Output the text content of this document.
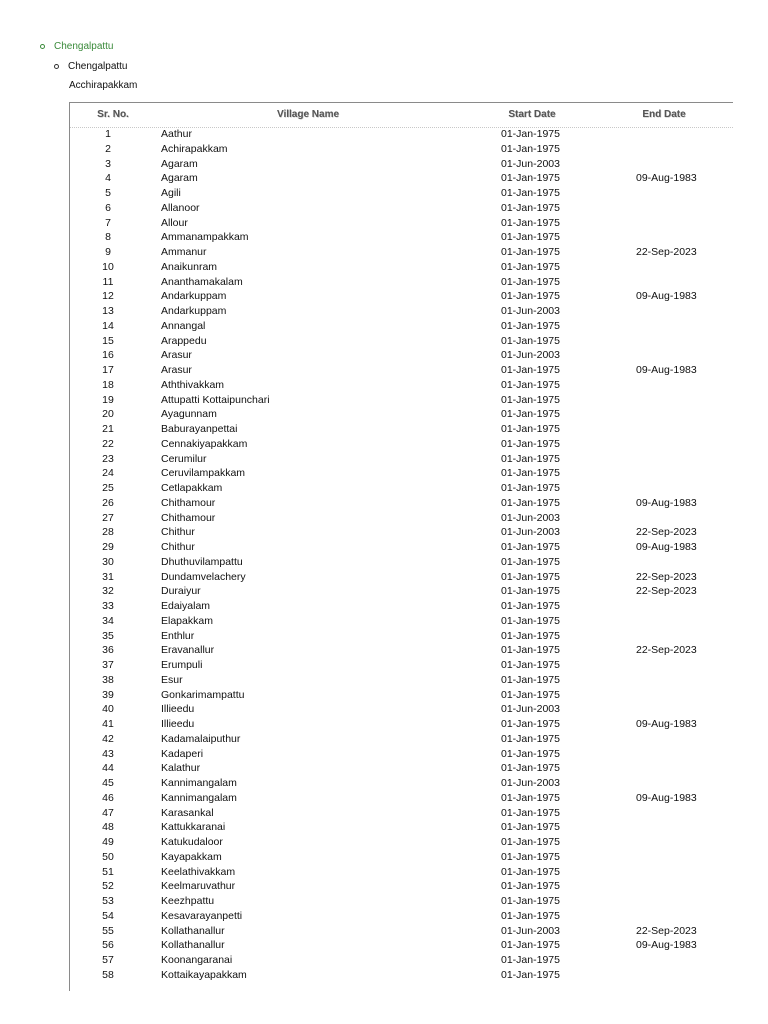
Chengalpattu
Chengalpattu
Acchirapakkam
Sr. No.	Village Name	Start Date	End Date
1	Aathur	01-Jan-1975
2	Achirapakkam	01-Jan-1975
3	Agaram	01-Jun-2003
4	Agaram	01-Jan-1975	09-Aug-1983
5	Agili	01-Jan-1975
6	Allanoor	01-Jan-1975
7	Allour	01-Jan-1975
8	Ammanampakkam	01-Jan-1975
9	Ammanur	01-Jan-1975	22-Sep-2023
10	Anaikunram	01-Jan-1975
11	Ananthamakalam	01-Jan-1975
12	Andarkuppam	01-Jan-1975	09-Aug-1983
13	Andarkuppam	01-Jun-2003
14	Annangal	01-Jan-1975
15	Arappedu	01-Jan-1975
16	Arasur	01-Jun-2003
17	Arasur	01-Jan-1975	09-Aug-1983
18	Aththivakkam	01-Jan-1975
19	Attupatti Kottaipunchari	01-Jan-1975
20	Ayagunnam	01-Jan-1975
21	Baburayanpettai	01-Jan-1975
22	Cennakiyapakkam	01-Jan-1975
23	Cerumilur	01-Jan-1975
24	Ceruvilampakkam	01-Jan-1975
25	Cetlapakkam	01-Jan-1975
26	Chithamour	01-Jan-1975	09-Aug-1983
27	Chithamour	01-Jun-2003
28	Chithur	01-Jun-2003	22-Sep-2023
29	Chithur	01-Jan-1975	09-Aug-1983
30	Dhuthuvilampattu	01-Jan-1975
31	Dundamvelachery	01-Jan-1975	22-Sep-2023
32	Duraiyur	01-Jan-1975	22-Sep-2023
33	Edaiyalam	01-Jan-1975
34	Elapakkam	01-Jan-1975
35	Enthlur	01-Jan-1975
36	Eravanallur	01-Jan-1975	22-Sep-2023
37	Erumpuli	01-Jan-1975
38	Esur	01-Jan-1975
39	Gonkarimampattu	01-Jan-1975
40	Illieedu	01-Jun-2003
41	Illieedu	01-Jan-1975	09-Aug-1983
42	Kadamalaiputhur	01-Jan-1975
43	Kadaperi	01-Jan-1975
44	Kalathur	01-Jan-1975
45	Kannimangalam	01-Jun-2003
46	Kannimangalam	01-Jan-1975	09-Aug-1983
47	Karasankal	01-Jan-1975
48	Kattukkaranai	01-Jan-1975
49	Katukudaloor	01-Jan-1975
50	Kayapakkam	01-Jan-1975
51	Keelathivakkam	01-Jan-1975
52	Keelmaruvathur	01-Jan-1975
53	Keezhpattu	01-Jan-1975
54	Kesavarayanpetti	01-Jan-1975
55	Kollathanallur	01-Jun-2003	22-Sep-2023
56	Kollathanallur	01-Jan-1975	09-Aug-1983
57	Koonangaranai	01-Jan-1975
58	Kottaikayapakkam	01-Jan-1975
